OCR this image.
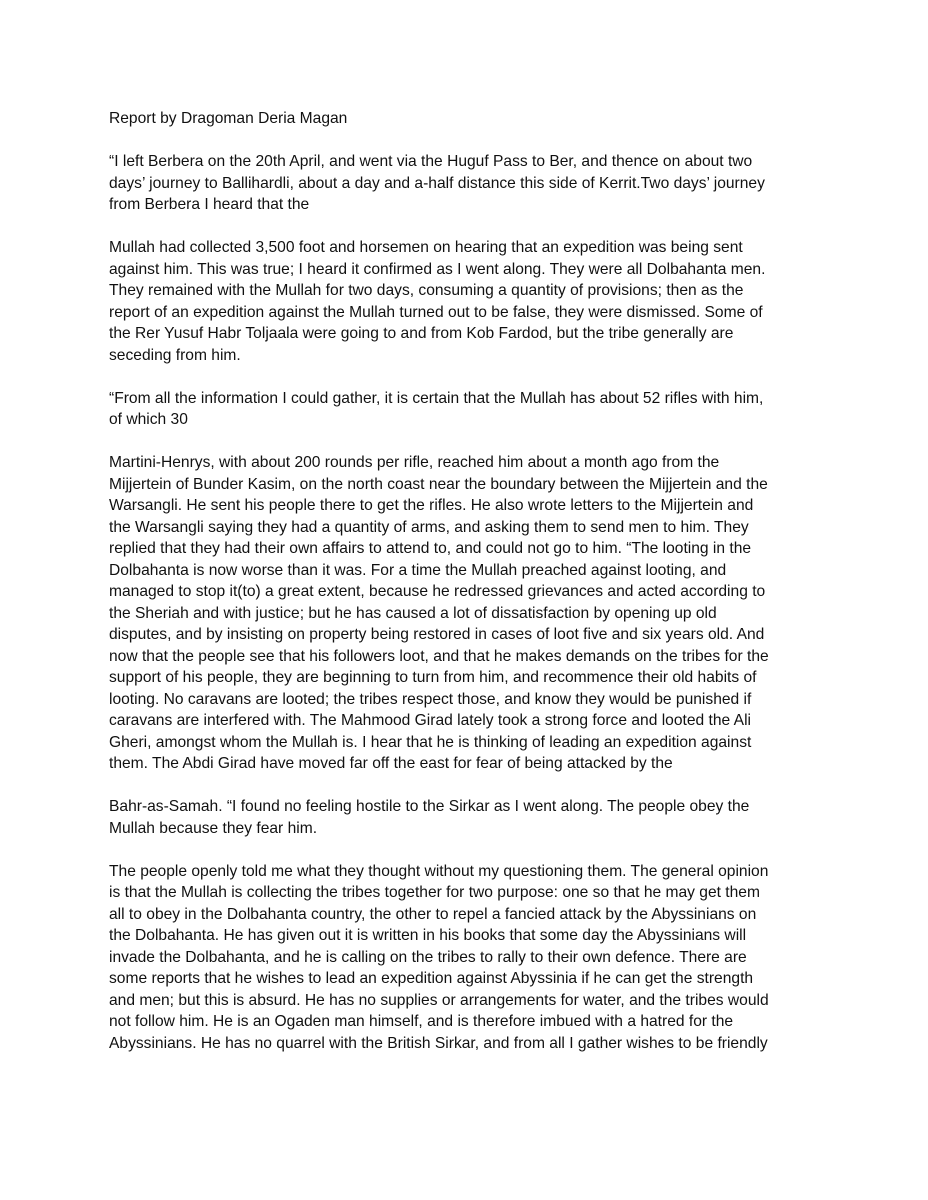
Report by Dragoman Deria Magan

“I left Berbera on the 20th April, and went via the Huguf Pass to Ber, and thence on about two
days’ journey to Ballihardli, about a day and a-half distance this side of Kerrit.Two days’ journey
from Berbera I heard that the

Mullah had collected 3,500 foot and horsemen on hearing that an expedition was being sent
against him. This was true; I heard it confirmed as I went along. They were all Dolbahanta men.
They remained with the Mullah for two days, consuming a quantity of provisions; then as the
report of an expedition against the Mullah turned out to be false, they were dismissed. Some of
the Rer Yusuf Habr Toljaala were going to and from Kob Fardod, but the tribe generally are
seceding from him.

“From all the information I could gather, it is certain that the Mullah has about 52 rifles with him,
of which 30

Martini-Henrys, with about 200 rounds per rifle, reached him about a month ago from the
Mijjertein of Bunder Kasim, on the north coast near the boundary between the Mijjertein and the
Warsangli. He sent his people there to get the rifles. He also wrote letters to the Mijjertein and
the Warsangli saying they had a quantity of arms, and asking them to send men to him. They
replied that they had their own affairs to attend to, and could not go to him. “The looting in the
Dolbahanta is now worse than it was. For a time the Mullah preached against looting, and
managed to stop it(to) a great extent, because he redressed grievances and acted according to
the Sheriah and with justice; but he has caused a lot of dissatisfaction by opening up old
disputes, and by insisting on property being restored in cases of loot five and six years old. And
now that the people see that his followers loot, and that he makes demands on the tribes for the
support of his people, they are beginning to turn from him, and recommence their old habits of
looting. No caravans are looted; the tribes respect those, and know they would be punished if
caravans are interfered with. The Mahmood Girad lately took a strong force and looted the Ali
Gheri, amongst whom the Mullah is. I hear that he is thinking of leading an expedition against
them. The Abdi Girad have moved far off the east for fear of being attacked by the

Bahr-as-Samah. “I found no feeling hostile to the Sirkar as I went along. The people obey the
Mullah because they fear him.

The people openly told me what they thought without my questioning them. The general opinion
is that the Mullah is collecting the tribes together for two purpose: one so that he may get them
all to obey in the Dolbahanta country, the other to repel a fancied attack by the Abyssinians on
the Dolbahanta. He has given out it is written in his books that some day the Abyssinians will
invade the Dolbahanta, and he is calling on the tribes to rally to their own defence. There are
some reports that he wishes to lead an expedition against Abyssinia if he can get the strength
and men; but this is absurd. He has no supplies or arrangements for water, and the tribes would
not follow him. He is an Ogaden man himself, and is therefore imbued with a hatred for the
Abyssinians. He has no quarrel with the British Sirkar, and from all I gather wishes to be friendly
